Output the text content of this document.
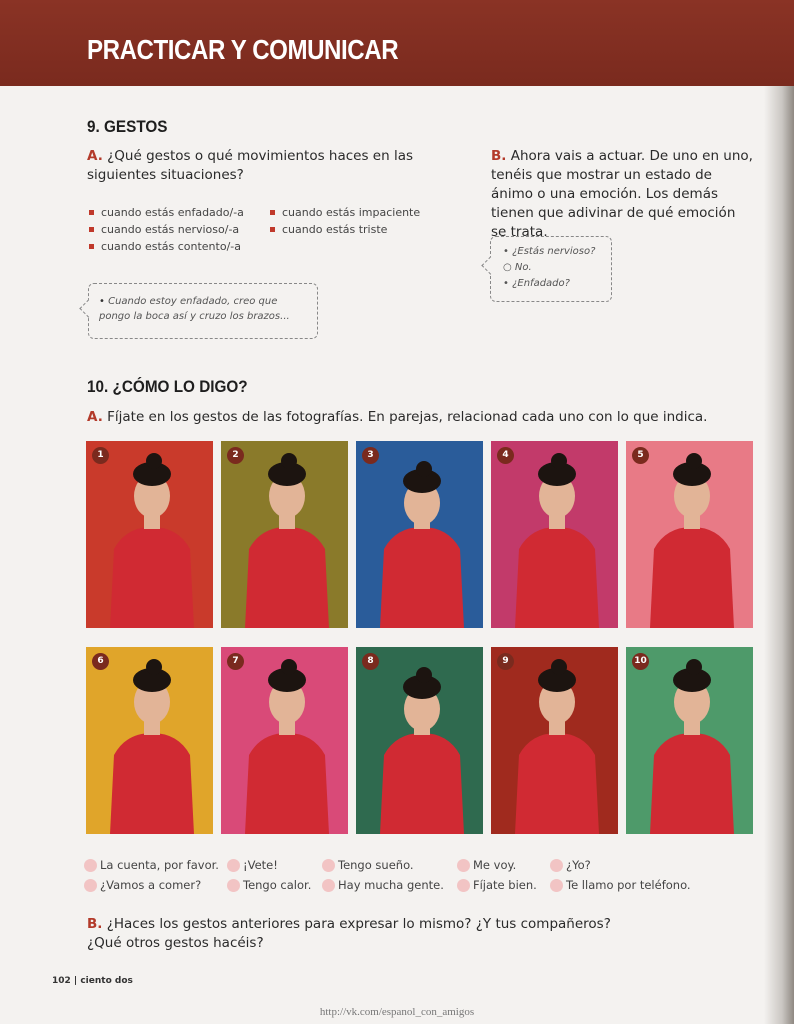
PRACTICAR Y COMUNICAR
9. GESTOS
A. ¿Qué gestos o qué movimientos haces en las siguientes situaciones?
cuando estás enfadado/-a
cuando estás nervioso/-a
cuando estás contento/-a
cuando estás impaciente
cuando estás triste
• Cuando estoy enfadado, creo que pongo la boca así y cruzo los brazos...
B. Ahora vais a actuar. De uno en uno, tenéis que mostrar un estado de ánimo o una emoción. Los demás tienen que adivinar de qué emoción se trata.
• ¿Estás nervioso?
○ No.
• ¿Enfadado?
10. ¿CÓMO LO DIGO?
A. Fíjate en los gestos de las fotografías. En parejas, relacionad cada uno con lo que indica.
1	2	3	4	5
6	7	8	9	10
La cuenta, por favor.	¡Vete!	Tengo sueño.	Me voy.	¿Yo?
¿Vamos a comer?	Tengo calor.	Hay mucha gente.	Fíjate bien.	Te llamo por teléfono.
B. ¿Haces los gestos anteriores para expresar lo mismo? ¿Y tus compañeros? ¿Qué otros gestos hacéis?
102 | ciento dos
http://vk.com/espanol_con_amigos
